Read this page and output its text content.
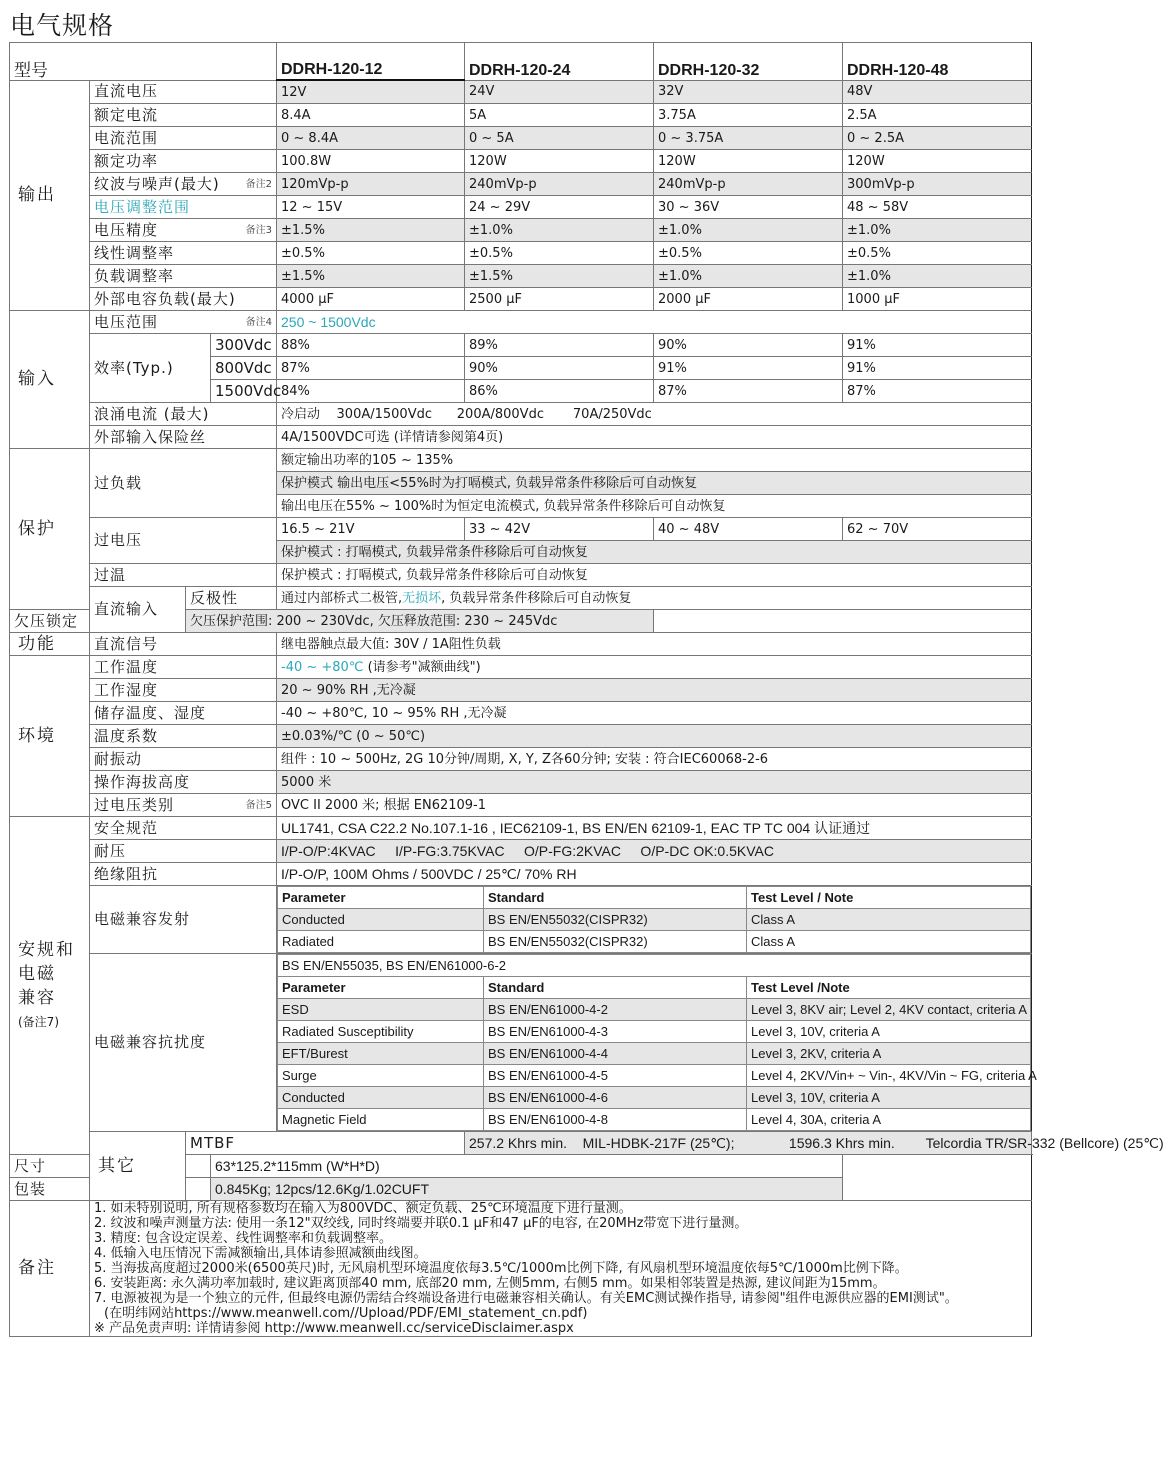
电气规格
型号	DDRH-120-12	DDRH-120-24	DDRH-120-32	DDRH-120-48
输出	直流电压	12V	24V	32V	48V
额定电流	8.4A	5A	3.75A	2.5A
电流范围	0 ~ 8.4A	0 ~ 5A	0 ~ 3.75A	0 ~ 2.5A
额定功率	100.8W	120W	120W	120W
纹波与噪声(最大)	备注2	120mVp-p	240mVp-p	240mVp-p	300mVp-p
电压调整范围	12 ~ 15V	24 ~ 29V	30 ~ 36V	48 ~ 58V
电压精度	备注3	±1.5%	±1.0%	±1.0%	±1.0%
线性调整率	±0.5%	±0.5%	±0.5%	±0.5%
负载调整率	±1.5%	±1.5%	±1.0%	±1.0%
外部电容负载(最大)	4000 μF	2500 μF	2000 μF	1000 μF
输入	电压范围	备注4	250 ~ 1500Vdc
效率(Typ.)	300Vdc	88%	89%	90%	91%
800Vdc	87%	90%	91%	91%
1500Vdc	84%	86%	87%	87%
浪涌电流 (最大)	冷启动    300A/1500Vdc      200A/800Vdc       70A/250Vdc
外部输入保险丝	4A/1500VDC可选 (详情请参阅第4页)
保护	过负载	额定输出功率的105 ~ 135%
保护模式 输出电压<55%时为打嗝模式, 负载异常条件移除后可自动恢复
输出电压在55% ~ 100%时为恒定电流模式, 负载异常条件移除后可自动恢复
过电压	16.5 ~ 21V	33 ~ 42V	40 ~ 48V	62 ~ 70V
保护模式 : 打嗝模式, 负载异常条件移除后可自动恢复
过温	保护模式 : 打嗝模式, 负载异常条件移除后可自动恢复
直流输入	反极性	通过内部桥式二极管,无损坏, 负载异常条件移除后可自动恢复
欠压锁定	欠压保护范围: 200 ~ 230Vdc, 欠压释放范围: 230 ~ 245Vdc
功能	直流信号	继电器触点最大值: 30V / 1A阻性负载
环境	工作温度	-40 ~ +80℃ (请参考"减额曲线")
工作湿度	20 ~ 90% RH ,无冷凝
储存温度、湿度	-40 ~ +80℃, 10 ~ 95% RH ,无冷凝
温度系数	±0.03%/℃ (0 ~ 50℃)
耐振动	组件 : 10 ~ 500Hz, 2G 10分钟/周期, X, Y, Z各60分钟; 安装 : 符合IEC60068-2-6
操作海拔高度	5000 米
过电压类别	备注5	OVC II 2000 米; 根据 EN62109-1

安规和
电磁
兼容
(备注7)
	安全规范	UL1741, CSA C22.2 No.107.1-16 , IEC62109-1, BS EN/EN 62109-1, EAC TP TC 004 认证通过
耐压	I/P-O/P:4KVAC     I/P-FG:3.75KVAC     O/P-FG:2KVAC     O/P-DC OK:0.5KVAC
绝缘阻抗	I/P-O/P, 100M Ohms / 500VDC / 25℃/ 70% RH
电磁兼容发射	
Parameter	Standard	Test Level / Note
Conducted	BS EN/EN55032(CISPR32)	Class A
Radiated	BS EN/EN55032(CISPR32)	Class A

电磁兼容抗扰度	
BS EN/EN55035, BS EN/EN61000-6-2
Parameter	Standard	Test Level /Note
ESD	BS EN/EN61000-4-2	Level 3, 8KV air; Level 2, 4KV contact, criteria A
Radiated Susceptibility	BS EN/EN61000-4-3	Level 3, 10V, criteria A
EFT/Burest	BS EN/EN61000-4-4	Level 3, 2KV, criteria A
Surge	BS EN/EN61000-4-5	Level 4, 2KV/Vin+ ~ Vin-, 4KV/Vin ~ FG, criteria A
Conducted	BS EN/EN61000-4-6	Level 3, 10V, criteria A
Magnetic Field	BS EN/EN61000-4-8	Level 4, 30A, criteria A

其它	MTBF	257.2 Khrs min.    MIL-HDBK-217F (25℃);              1596.3 Khrs min.        Telcordia TR/SR-332 (Bellcore) (25℃)
尺寸	63*125.2*115mm (W*H*D)
包装	0.845Kg; 12pcs/12.6Kg/1.02CUFT
备注	
1. 如未特别说明, 所有规格参数均在输入为800VDC、额定负载、25℃环境温度下进行量测。
2. 纹波和噪声测量方法: 使用一条12"双绞线, 同时终端要并联0.1 μF和47 μF的电容, 在20MHz带宽下进行量测。
3. 精度: 包含设定误差、线性调整率和负载调整率。
4. 低输入电压情况下需减额输出,具体请参照减额曲线图。
5. 当海拔高度超过2000米(6500英尺)时, 无风扇机型环境温度依每3.5℃/1000m比例下降, 有风扇机型环境温度依每5℃/1000m比例下降。
6. 安装距离: 永久满功率加载时, 建议距离顶部40 mm, 底部20 mm, 左侧5mm, 右侧5 mm。如果相邻装置是热源, 建议间距为15mm。
7. 电源被视为是一个独立的元件, 但最终电源仍需结合终端设备进行电磁兼容相关确认。有关EMC测试操作指导, 请参阅"组件电源供应器的EMI测试"。
(在明纬网站https://www.meanwell.com//Upload/PDF/EMI_statement_cn.pdf)
※ 产品免责声明: 详情请参阅 http://www.meanwell.cc/serviceDisclaimer.aspx
